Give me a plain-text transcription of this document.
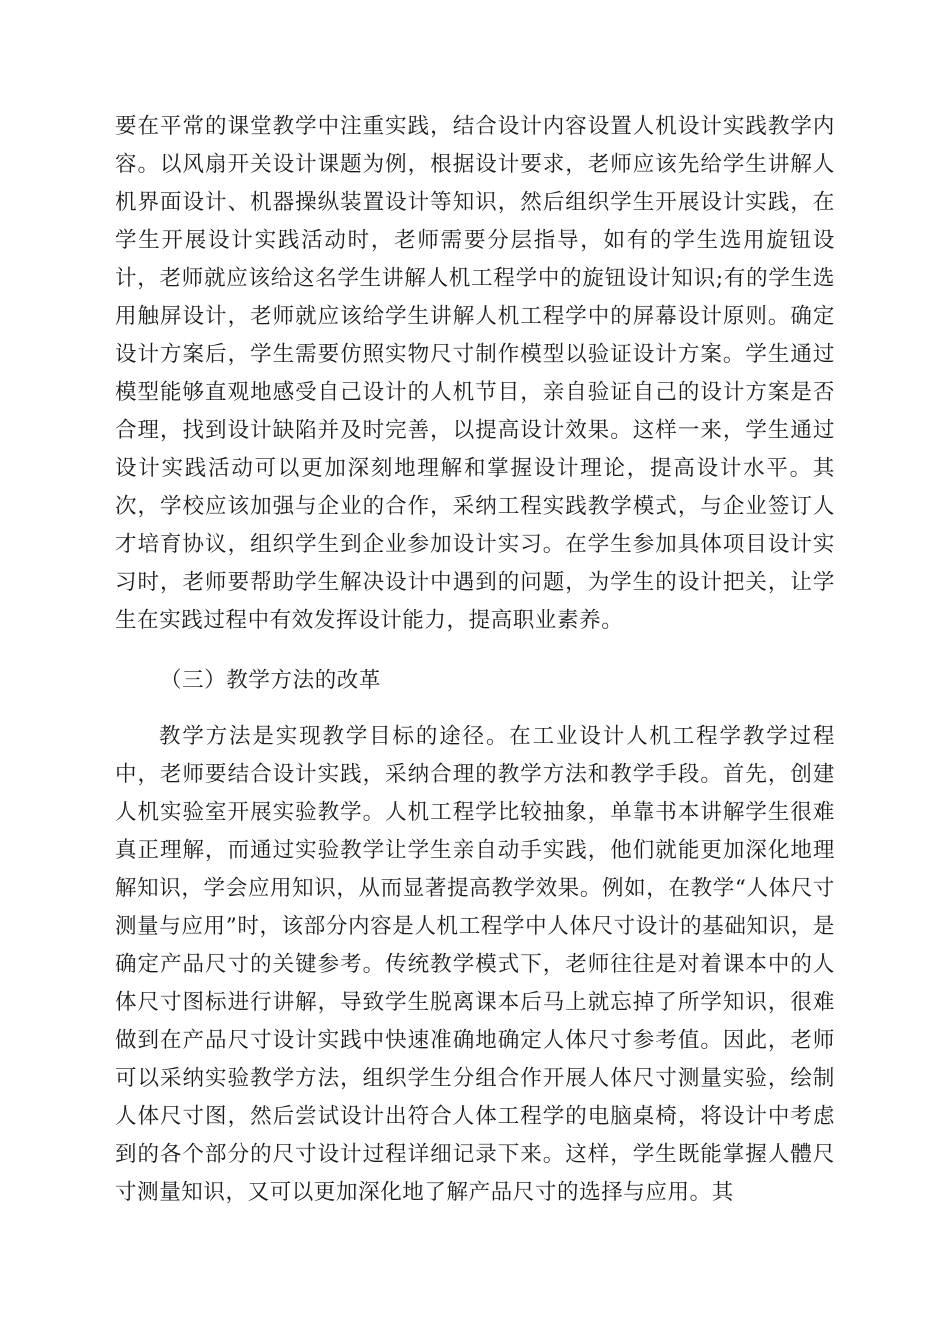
要在平常的课堂教学中注重实践，结合设计内容设置人机设计实践教学内容。以风扇开关设计课题为例，根据设计要求，老师应该先给学生讲解人机界面设计、机器操纵装置设计等知识，然后组织学生开展设计实践，在学生开展设计实践活动时，老师需要分层指导，如有的学生选用旋钮设计，老师就应该给这名学生讲解人机工程学中的旋钮设计知识;有的学生选用触屏设计，老师就应该给学生讲解人机工程学中的屏幕设计原则。确定设计方案后，学生需要仿照实物尺寸制作模型以验证设计方案。学生通过模型能够直观地感受自己设计的人机节目，亲自验证自己的设计方案是否合理，找到设计缺陷并及时完善，以提高设计效果。这样一来，学生通过设计实践活动可以更加深刻地理解和掌握设计理论，提高设计水平。其次，学校应该加强与企业的合作，采纳工程实践教学模式，与企业签订人才培育协议，组织学生到企业参加设计实习。在学生参加具体项目设计实习时，老师要帮助学生解决设计中遇到的问题，为学生的设计把关，让学生在实践过程中有效发挥设计能力，提高职业素养。

（三）教学方法的改革

教学方法是实现教学目标的途径。在工业设计人机工程学教学过程中，老师要结合设计实践，采纳合理的教学方法和教学手段。首先，创建人机实验室开展实验教学。人机工程学比较抽象，单靠书本讲解学生很难真正理解，而通过实验教学让学生亲自动手实践，他们就能更加深化地理解知识，学会应用知识，从而显著提高教学效果。例如，在教学“人体尺寸测量与应用”时，该部分内容是人机工程学中人体尺寸设计的基础知识，是确定产品尺寸的关键参考。传统教学模式下，老师往往是对着课本中的人体尺寸图标进行讲解，导致学生脱离课本后马上就忘掉了所学知识，很难做到在产品尺寸设计实践中快速准确地确定人体尺寸参考值。因此，老师可以采纳实验教学方法，组织学生分组合作开展人体尺寸测量实验，绘制人体尺寸图，然后尝试设计出符合人体工程学的电脑桌椅，将设计中考虑到的各个部分的尺寸设计过程详细记录下来。这样，学生既能掌握人體尺寸测量知识，又可以更加深化地了解产品尺寸的选择与应用。其
